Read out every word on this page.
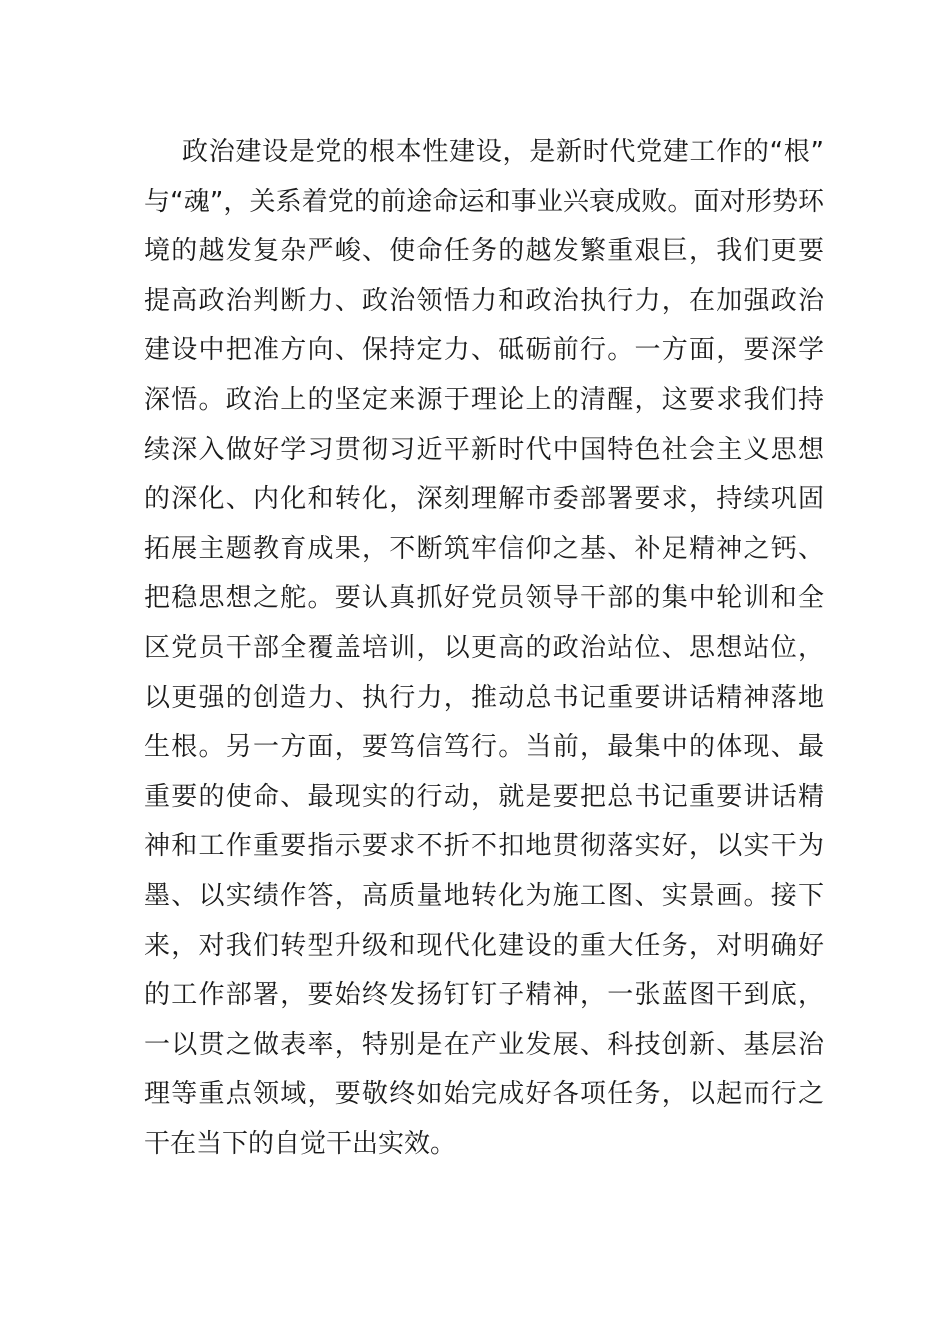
政治建设是党的根本性建设，是新时代党建工作的“根”
与“魂”，关系着党的前途命运和事业兴衰成败。面对形势环
境的越发复杂严峻、使命任务的越发繁重艰巨，我们更要
提高政治判断力、政治领悟力和政治执行力，在加强政治
建设中把准方向、保持定力、砥砺前行。一方面，要深学
深悟。政治上的坚定来源于理论上的清醒，这要求我们持
续深入做好学习贯彻习近平新时代中国特色社会主义思想
的深化、内化和转化，深刻理解市委部署要求，持续巩固
拓展主题教育成果，不断筑牢信仰之基、补足精神之钙、
把稳思想之舵。要认真抓好党员领导干部的集中轮训和全
区党员干部全覆盖培训，以更高的政治站位、思想站位，
以更强的创造力、执行力，推动总书记重要讲话精神落地
生根。另一方面，要笃信笃行。当前，最集中的体现、最
重要的使命、最现实的行动，就是要把总书记重要讲话精
神和工作重要指示要求不折不扣地贯彻落实好，以实干为
墨、以实绩作答，高质量地转化为施工图、实景画。接下
来，对我们转型升级和现代化建设的重大任务，对明确好
的工作部署，要始终发扬钉钉子精神，一张蓝图干到底，
一以贯之做表率，特别是在产业发展、科技创新、基层治
理等重点领域，要敬终如始完成好各项任务，以起而行之
干在当下的自觉干出实效。
